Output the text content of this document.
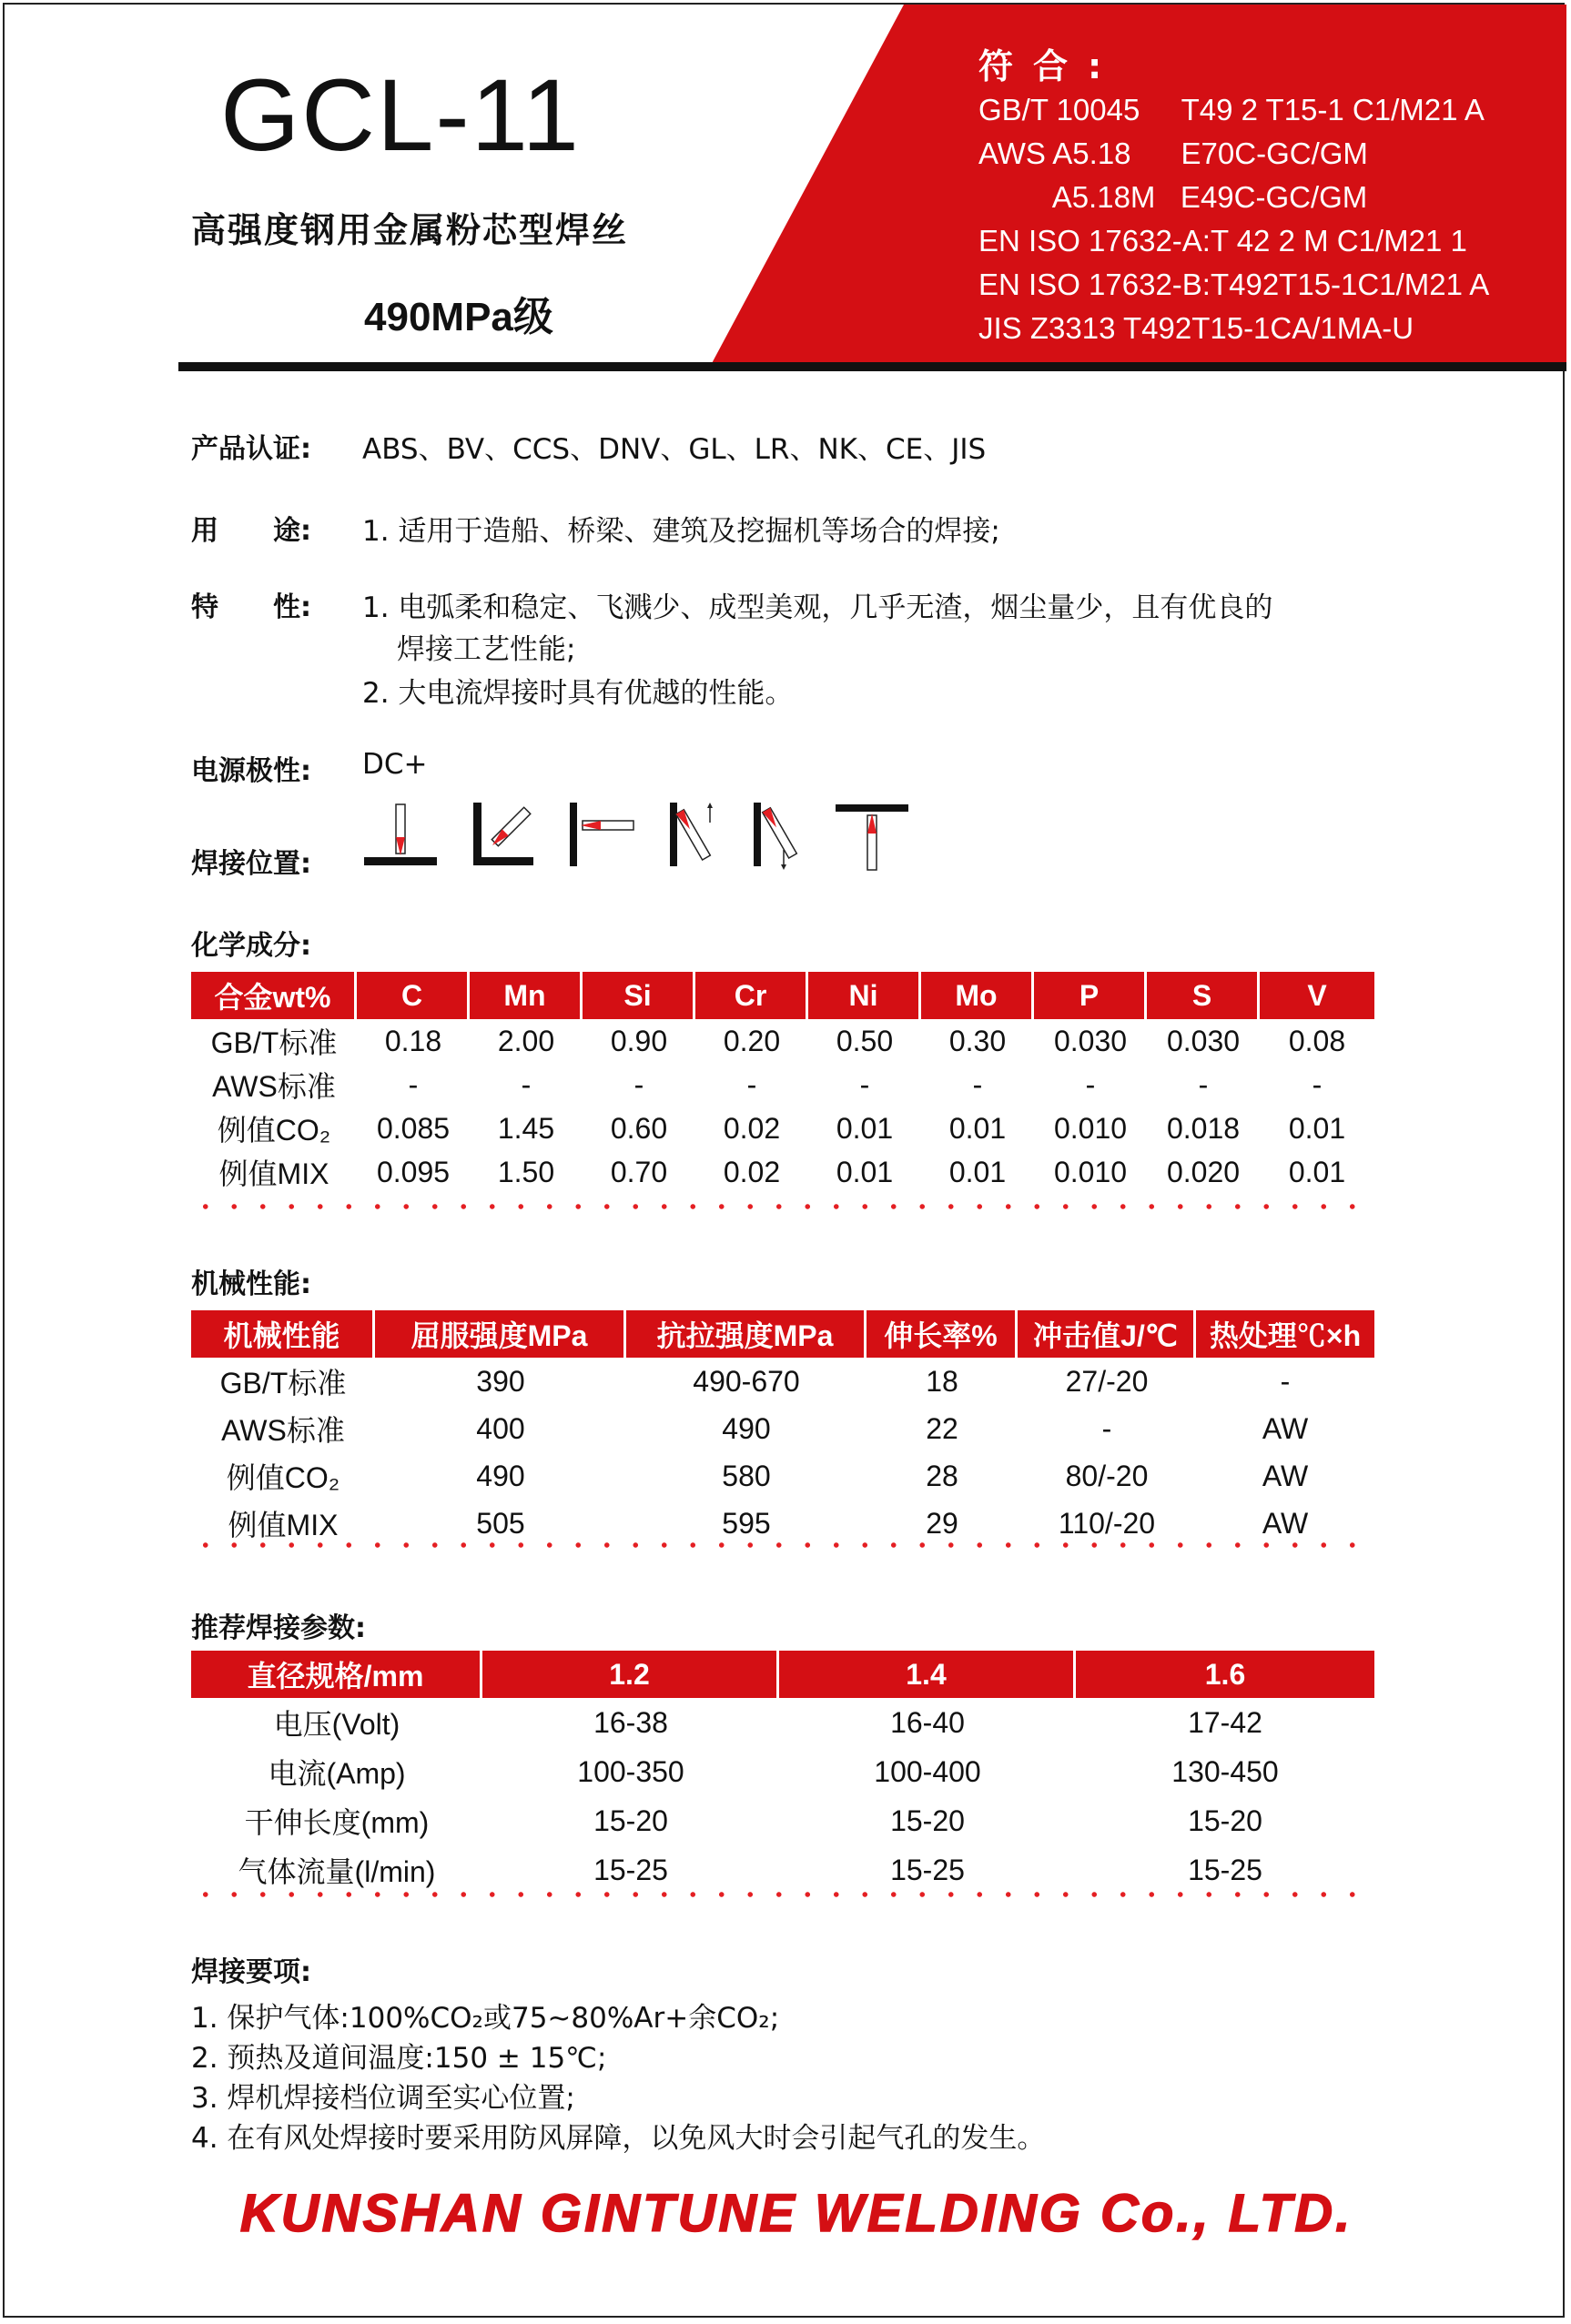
GCL-11
高强度钢用金属粉芯型焊丝
490MPa级
符合:
GB/T 10045     T49 2 T15-1 C1/M21 A
AWS A5.18      E70C-GC/GM
A5.18M   E49C-GC/GM
EN ISO 17632-A:T 42 2 M C1/M21 1
EN ISO 17632-B:T492T15-1C1/M21 A
JIS Z3313 T492T15-1CA/1MA-U
产品认证: ABS、BV、CCS、DNV、GL、LR、NK、CE、JIS
用　　途: 1. 适用于造船、桥梁、建筑及挖掘机等场合的焊接;
特　　性: 1. 电弧柔和稳定、飞溅少、成型美观，几乎无渣，烟尘量少，且有优良的
焊接工艺性能;
2. 大电流焊接时具有优越的性能。
电源极性: DC+
焊接位置:
化学成分:
合金wt%	C	Mn	Si	Cr	Ni	Mo	P	S	V
GB/T标准	0.18	2.00	0.90	0.20	0.50	0.30	0.030	0.030	0.08
AWS标准	-	-	-	-	-	-	-	-	-
例值CO₂	0.085	1.45	0.60	0.02	0.01	0.01	0.010	0.018	0.01
例值MIX	0.095	1.50	0.70	0.02	0.01	0.01	0.010	0.020	0.01
机械性能:
机械性能	屈服强度MPa	抗拉强度MPa	伸长率%	冲击值J/℃	热处理℃×h
GB/T标准	390	490-670	18	27/-20	-
AWS标准	400	490	22	-	AW
例值CO₂	490	580	28	80/-20	AW
例值MIX	505	595	29	110/-20	AW
推荐焊接参数:
直径规格/mm	1.2	1.4	1.6
电压(Volt)	16-38	16-40	17-42
电流(Amp)	100-350	100-400	130-450
干伸长度(mm)	15-20	15-20	15-20
气体流量(l/min)	15-25	15-25	15-25
焊接要项:
1. 保护气体:100%CO₂或75~80%Ar+余CO₂;
2. 预热及道间温度:150 ± 15℃;
3. 焊机焊接档位调至实心位置;
4. 在有风处焊接时要采用防风屏障，以免风大时会引起气孔的发生。
KUNSHAN GINTUNE WELDING Co., LTD.
